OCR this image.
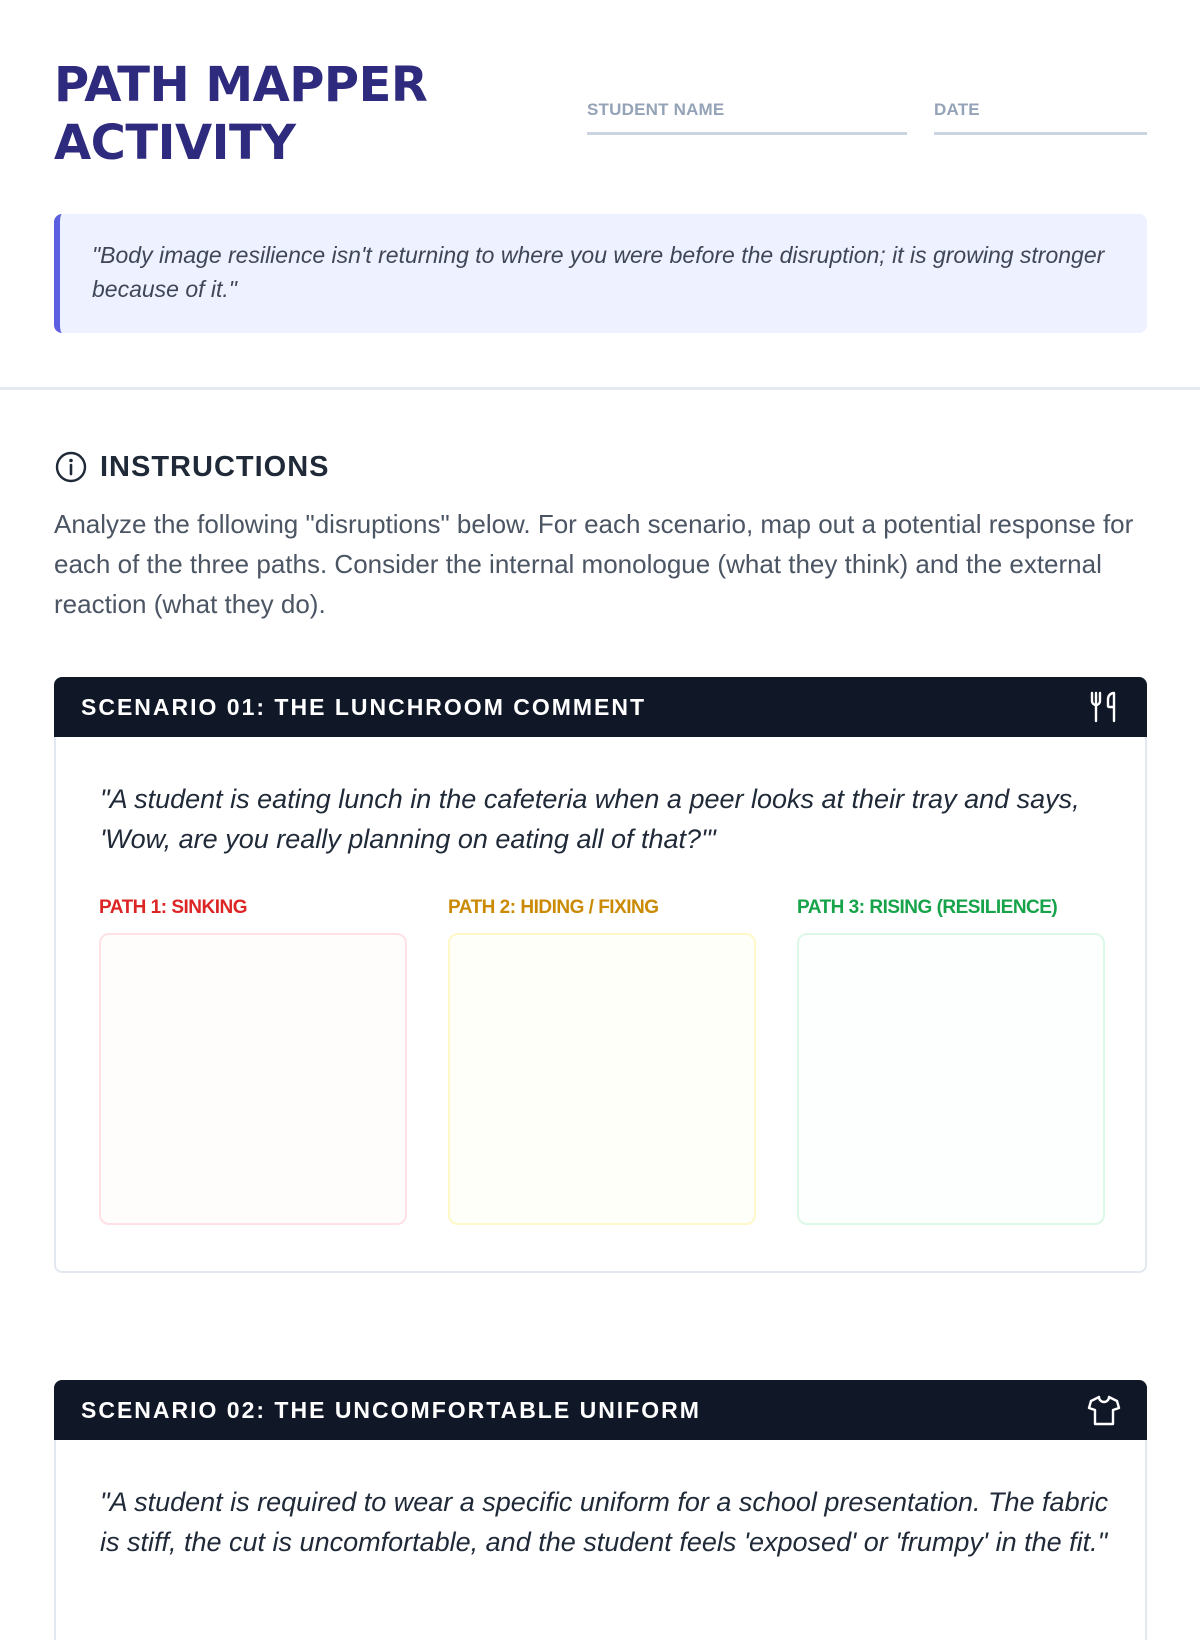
PATH MAPPER ACTIVITY
STUDENT NAME	DATE
"Body image resilience isn't returning to where you were before the disruption; it is growing stronger because of it."
INSTRUCTIONS

Analyze the following "disruptions" below. For each scenario, map out a potential response for each of the three paths. Consider the internal monologue (what they think) and the external reaction (what they do).

SCENARIO 01: THE LUNCHROOM COMMENT

"A student is eating lunch in the cafeteria when a peer looks at their tray and says, 'Wow, are you really planning on eating all of that?'"

PATH 1: SINKING	PATH 2: HIDING / FIXING	PATH 3: RISING (RESILIENCE)
SCENARIO 02: THE UNCOMFORTABLE UNIFORM

"A student is required to wear a specific uniform for a school presentation. The fabric is stiff, the cut is uncomfortable, and the student feels 'exposed' or 'frumpy' in the fit."
